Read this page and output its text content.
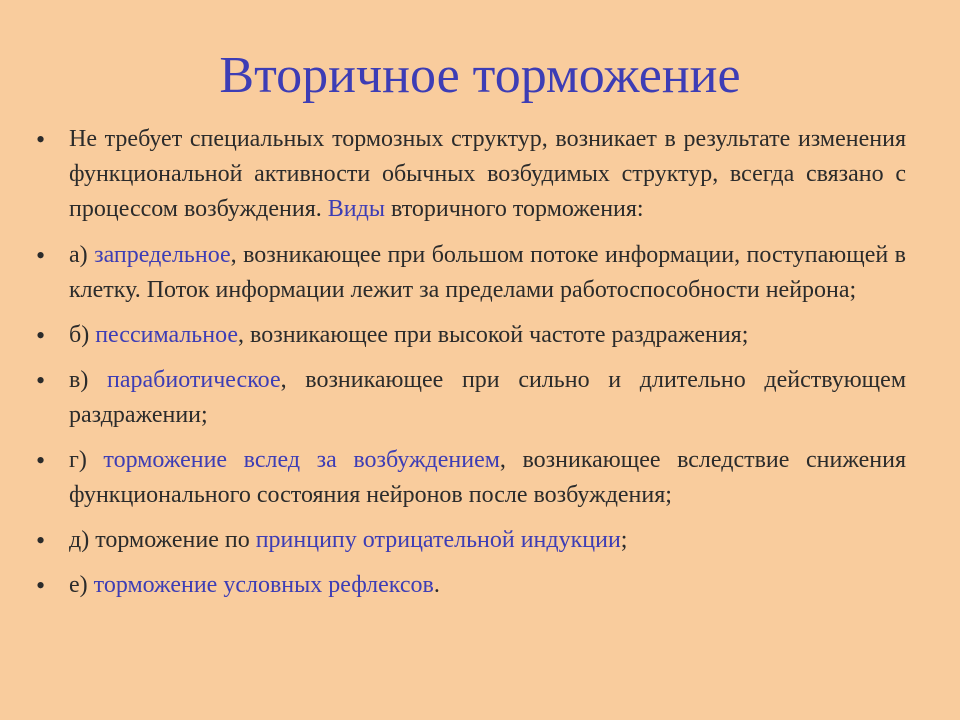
Вторичное торможение
• Не требует специальных тормозных структур, возникает в результате изменения функциональной активности обычных возбудимых структур, всегда связано с процессом возбуждения. Виды вторичного торможения:
• а) запредельное, возникающее при большом потоке информации, поступающей в клетку. Поток информации лежит за пределами работоспособности нейрона;
• б) пессимальное, возникающее при высокой частоте раздражения;
• в) парабиотическое, возникающее при сильно и длительно действующем раздражении;
• г) торможение вслед за возбуждением, возникающее вследствие снижения функционального состояния нейронов после возбуждения;
• д) торможение по принципу отрицательной индукции;
• е) торможение условных рефлексов.
